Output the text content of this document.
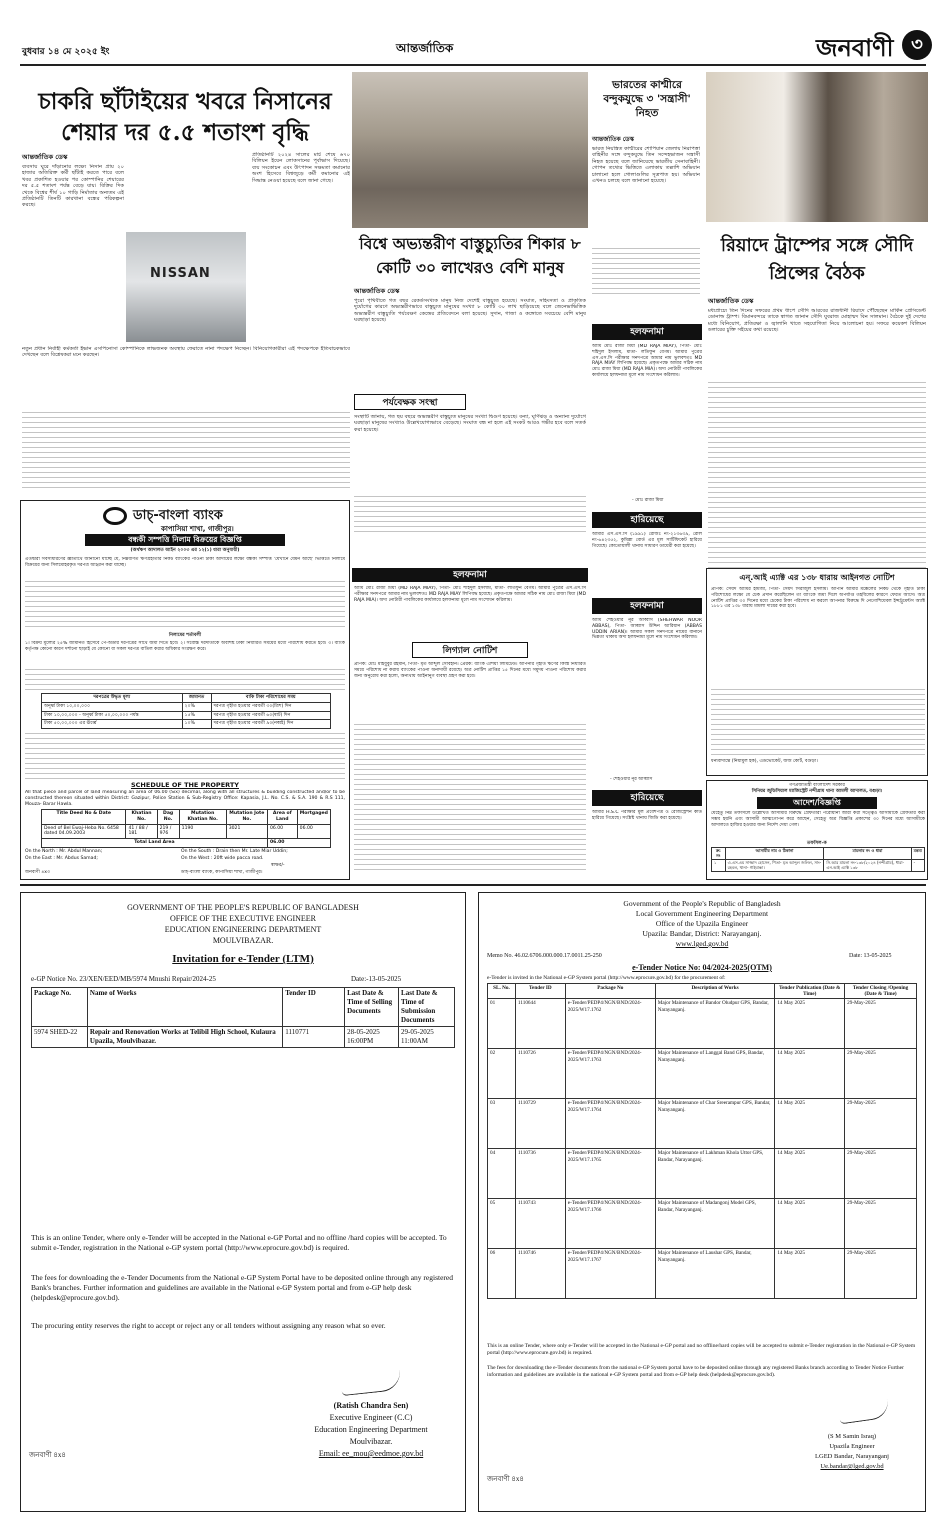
বুধবার ১৪ মে ২০২৫ ইং	আন্তর্জাতিক	জনবাণী ৩
চাকরি ছাঁটাইয়ের খবরে নিসানের শেয়ার দর ৫.৫ শতাংশ বৃদ্ধি
আন্তর্জাতিক ডেস্ক
ব্যবসায় ঘুরে দাঁড়ানোর লক্ষ্যে নিসান প্রায় ২০ হাজার অতিরিক্ত কর্মী ছাঁটাই করতে পারে বলে খবর প্রকাশিত হওয়ার পর কোম্পানির শেয়ারের দর ৫.৫ শতাংশ পর্যন্ত বেড়ে যায়। বিক্রির দিক থেকে বিশ্বের শীর্ষ ১০ গাড়ি নির্মাতার অন্যতম এই প্রতিষ্ঠানটি তিনটি কারখানা বন্ধের পরিকল্পনা করছে।
NISSAN
প্রতিষ্ঠানটি ২০২৪ সালের মার্চ শেষে ৬৭০ বিলিয়ন ইয়েন লোকসানের পূর্বাভাস দিয়েছে। ব্যয় সংকোচন এবং উৎপাদন সক্ষমতা কমানোর অংশ হিসেবে বিশ্বজুড়ে কর্মী কমানোর এই সিদ্ধান্ত নেওয়া হয়েছে বলে জানা গেছে।
নতুন প্রধান নির্বাহী কর্মকর্তা ইভান এসপিনোসা কোম্পানিকে লাভজনক অবস্থায় ফেরাতে নানা পদক্ষেপ নিচ্ছেন। বিনিয়োগকারীরা এই পদক্ষেপকে ইতিবাচকভাবে দেখছেন বলে বিশ্লেষকরা মনে করছেন।
বিশ্বে অভ্যন্তরীণ বাস্তুচ্যুতির শিকার ৮ কোটি ৩০ লাখেরও বেশি মানুষ
আন্তর্জাতিক ডেস্ক
পুরো পৃথিবীতে গত বছর রেকর্ডসংখ্যক মানুষ নিজ দেশেই বাস্তুচ্যুত হয়েছে। সংঘাত, সহিংসতা ও প্রাকৃতিক দুর্যোগের কারণে অভ্যন্তরীণভাবে বাস্তুচ্যুত মানুষের সংখ্যা ৮ কোটি ৩০ লাখ ছাড়িয়েছে বলে জেনেভাভিত্তিক অভ্যন্তরীণ বাস্তুচ্যুতি পর্যবেক্ষণ কেন্দ্রের প্রতিবেদনে বলা হয়েছে। সুদান, গাজা ও কঙ্গোতে সবচেয়ে বেশি মানুষ ঘরছাড়া হয়েছে।
পর্যবেক্ষক সংস্থা
সংস্থাটি জানায়, গত ছয় বছরে অভ্যন্তরীণ বাস্তুচ্যুত মানুষের সংখ্যা দ্বিগুণ হয়েছে। বন্যা, ঘূর্ণিঝড় ও অন্যান্য দুর্যোগে ঘরছাড়া মানুষের সংখ্যাও উল্লেখযোগ্যভাবে বেড়েছে। সংঘাত বন্ধ না হলে এই সংকট আরও গভীর হবে বলে সতর্ক করা হয়েছে।
ভারতের কাশ্মীরে বন্দুকযুদ্ধে ৩ 'সন্ত্রাসী' নিহত
আন্তর্জাতিক ডেস্ক
ভারত নিয়ন্ত্রিত কাশ্মীরের শোপিয়ান জেলায় নিরাপত্তা বাহিনীর সঙ্গে বন্দুকযুদ্ধে তিন সন্দেহভাজন সন্ত্রাসী নিহত হয়েছে বলে জানিয়েছে ভারতীয় সেনাবাহিনী। গোপন তথ্যের ভিত্তিতে এলাকায় তল্লাশি অভিযান চালানো হলে গোলাগুলির সূত্রপাত হয়। অভিযান এখনও চলছে বলে জানানো হয়েছে।
রিয়াদে ট্রাম্পের সঙ্গে সৌদি প্রিন্সের বৈঠক
আন্তর্জাতিক ডেস্ক
মধ্যপ্রাচ্যে তিন দিনের সফরের প্রথম ধাপে সৌদি আরবের রাজধানী রিয়াদে পৌঁছেছেন মার্কিন প্রেসিডেন্ট ডোনাল্ড ট্রাম্প। বিমানবন্দরে তাকে স্বাগত জানান সৌদি যুবরাজ মোহাম্মদ বিন সালমান। বৈঠকে দুই দেশের মধ্যে বিনিয়োগ, প্রতিরক্ষা ও জ্বালানি খাতে সহযোগিতা নিয়ে আলোচনা হয়। সফরে কয়েকশ বিলিয়ন ডলারের চুক্তি সইয়ের কথা রয়েছে।
হলফনামা
আমি মোঃ রাজা মিয়া (MD RAJA MIAY), পিতা- মোঃ শহিদুল ইসলাম, মাতা- লতিফুন বেগম। আমার পুত্রের এস.এস.সি পরীক্ষার সনদপত্রে আমার নাম ভুলবশতঃ MD RAJA MIAY লিপিবদ্ধ হয়েছে। প্রকৃতপক্ষে আমার সঠিক নাম মোঃ রাজা মিয়া (MD RAJA MIA)। অদ্য নোটারী পাবলিকের কার্যালয়ে হলফনামা মূলে নাম সংশোধন করিলাম।
- মোঃ রাজা মিয়া
হারিয়েছে
আমার এস.এস.সি (১৯৯১) রেজিঃ নং-২১৩৬৩৯, রোল নং-৬৪২৩৫২, কুমিল্লা বোর্ড এর মূল সার্টিফিকেট হারিয়ে গিয়েছে। কোতোয়ালী থানায় সাধারণ ডায়েরী করা হয়েছে।
হলফনামা
আমি শেহওয়ার নূর আব্বাস (SHEHWAR NOOR ABBAS), পিতা- আব্বাস উদ্দিন আরিয়ান (ABBAS UDDIN ARIAN)। আমার সকল সনদপত্রে নামের বানানে ভিন্নতা থাকায় অদ্য হলফনামা মূলে নাম সংশোধন করিলাম।
- শেহওয়ার নূর আব্বাস
হারিয়েছে
আমার H.S.C পরীক্ষার মূল প্রবেশপত্র ও রেজিস্ট্রেশন কার্ড হারিয়ে গিয়েছে। সংশ্লিষ্ট থানায় জিডি করা হয়েছে।
ডাচ্-বাংলা ব্যাংক
কাপাসিয়া শাখা, গাজীপুর।
বন্ধকী সম্পত্তি নিলাম বিক্রয়ের বিজ্ঞপ্তি
(অর্থঋণ আদালত আইন ২০০৩ এর ১২(১) ধারা অনুযায়ী)
এতদ্বারা সর্বসাধারণের জ্ঞাতার্থে জানানো যাচ্ছে যে, নিম্নবর্ণিত ঋণগ্রহীতার নিকট ব্যাংকের পাওনা টাকা আদায়ের লক্ষ্যে বন্ধকী সম্পত্তি 'যেখানে যেমন আছে' ভিত্তিতে নিলামে বিক্রয়ের জন্য সিলমোহরকৃত দরপত্র আহ্বান করা যাচ্ছে।
নিলামের শর্তাবলী
১। বিক্রয় মূল্যের ২৫% জামানত হিসেবে পে-অর্ডার দরপত্রের সাথে জমা দিতে হবে। ২। সর্বোচ্চ দরদাতাকে অবশিষ্ট টাকা নির্ধারিত সময়ের মধ্যে পরিশোধ করতে হবে। ৩। ব্যাংক কর্তৃপক্ষ কোনো কারণ দর্শানো ছাড়াই যে কোনো বা সকল দরপত্র বাতিল করার অধিকার সংরক্ষণ করে।
দরপত্রের উদ্ধৃত মূল্য	জামানত	বাকি টাকা পরিশোধের সময়
অনূর্ধ্ব টাকা ১০,০০,০০০	২০%	দরপত্র গৃহীত হওয়ার পরবর্তী ৩০(ত্রিশ) দিন
টাকা ১০,০০,০০০ - অনূর্ধ্ব টাকা ৫০,০০,০০০ পর্যন্ত	১৫%	দরপত্র গৃহীত হওয়ার পরবর্তী ৬০(ষাট) দিন
টাকা ৫০,০০,০০০ এর ঊর্ধ্বে	১০%	দরপত্র গৃহীত হওয়ার পরবর্তী ৯০(নব্বই) দিন
SCHEDULE OF THE PROPERTY
All that piece and parcel of land measuring an area of 06.00 (Six) decimal, along with all structures & building constructed and/or to be constructed thereon situated within District: Gazipur, Police Station & Sub-Registry Office: Kapasia, J.L. No. C.S. & S.A. 190 & R.S 111, Mouza- Barar Hawla.
Title Deed No & Date	Khatian No.	Dag No.	Mutation Khatian No.	Mutation Jote No.	Area of Land	Mortgaged
Deed of Bel Ewaj-Heba No. 6458 dated 04.09.2003	41 / 88 / 181	219 / 976	1190	3021	06.00	06.00
Total Land Area					06.00	
On the North : Mr. Abdul Mannan;	On the South : Drain then Mr. Late Miar Uddin;
On the East : Mr. Abdus Samad;	On the West : 20ft wide pacca road.
স্বাক্ষর/-
ডাচ্-বাংলা ব্যাংক, কাপাসিয়া শাখা, গাজীপুর।
জনবাণী ৪x৩
হলফনামা
আমি মোঃ রাজা মিয়া (MD RAJA MIAY), পিতা- মোঃ শহিদুল ইসলাম, মাতা- লতিফুন বেগম। আমার পুত্রের এস.এস.সি পরীক্ষার সনদপত্রে আমার নাম ভুলবশতঃ MD RAJA MIAY লিপিবদ্ধ হয়েছে। প্রকৃতপক্ষে আমার সঠিক নাম মোঃ রাজা মিয়া (MD RAJA MIA)। অদ্য নোটারী পাবলিকের কার্যালয়ে হলফনামা মূলে নাম সংশোধন করিলাম।
লিগ্যাল নোটিশ
প্রাপক: মোঃ মাহবুবুর রহমান, পিতা- মৃত আব্দুল সোবহান। প্রেরক: ব্যাংক এশিয়া লিমিটেড। আপনার গৃহীত ঋণের কিস্তি নির্ধারিত সময়ে পরিশোধ না করায় ব্যাংকের পাওনা অনাদায়ী রয়েছে। অত্র নোটিশ প্রাপ্তির ১৫ দিনের মধ্যে সমুদয় পাওনা পরিশোধ করার জন্য অনুরোধ করা হলো, অন্যথায় আইনানুগ ব্যবস্থা গ্রহণ করা হবে।
এন্.আই এ্যাক্ট এর ১৩৮ ধারায় আইনগত নোটিশ
প্রাপক: সৈয়দ আমির হামজা, পিতা- সৈয়দ সিরাজুল ইসলাম। আপনি আমার মক্কেলের নিকট থেকে গৃহীত টাকা পরিশোধের লক্ষ্যে যে চেক প্রদান করেছিলেন তা ব্যাংকে জমা দিলে অপর্যাপ্ত তহবিলের কারণে ফেরত আসে। অত্র নোটিশ প্রাপ্তির ৩০ দিনের মধ্যে চেকের টাকা পরিশোধ না করলে আপনার বিরুদ্ধে দি নেগোশিয়েবল ইন্সট্রুমেন্টস অ্যাক্ট ১৮৮১ এর ১৩৮ ধারায় মামলা দায়ের করা হবে।
ধন্যবাদান্তে (নিয়ামুল হক), এডভোকেট, জজ কোর্ট, বগুড়া।
গণপ্রজাতন্ত্রী বাংলাদেশ সরকার
সিনিয়র জুডিসিয়াল ম্যাজিস্ট্রেট নন্দীগ্রাম থানা আমলী আদালত, বগুড়া।
আদেশ/বিজ্ঞপ্তি
যেহেতু নিম্ন তফসিলে উল্লেখিত আসামীর বিরুদ্ধে গ্রেফতারী পরোয়ানা জারী করা সত্ত্বেও আসামীকে গ্রেফতার করা সম্ভব হয়নি এবং আসামী আত্মগোপন করে আছেন, সেহেতু অত্র বিজ্ঞপ্তি প্রকাশের ৩০ দিনের মধ্যে আসামীকে আদালতে হাজির হওয়ার জন্য নির্দেশ দেয়া গেল।
তফসিল-ক
ক্র: নং	আসামীর নাম ও ঠিকানা	মামলার নং ও ধারা	মন্তব্য
১	এ.এস.এম সাজ্জাদ হোসেন, পিতা- মৃত আব্দুল জলিল, সাং- রহবল, থানা- গাইবান্ধা।	সি.আর মামলা নং-১৩৮/২০২৪ (নন্দীগ্রাম), ধারা- এন.আই এ্যাক্ট ১৩৮	-
GOVERNMENT OF THE PEOPLE'S REPUBLIC OF BANGLADESH
OFFICE OF THE EXECUTIVE ENGINEER
EDUCATION ENGINEERING DEPARTMENT
MOULVIBAZAR.
Invitation for e-Tender (LTM)
e-GP Notice No. 23/XEN/EED/MB/5974 Mnushi Repair/2024-25	Date:-13-05-2025
Package No.	Name of Works	Tender ID	Last Date & Time of Selling Documents	Last Date & Time of Submission Documents
5974 SHED-22	Repair and Renovation Works at Telibil High School, Kulaura Upazila, Moulvibazar.	1110771	28-05-2025 16:00PM	29-05-2025 11:00AM
This is an online Tender, where only e-Tender will be accepted in the National e-GP Portal and no offline /hard copies will be accepted. To submit e-Tender, registration in the National e-GP system portal (http://www.eprocure.gov.bd) is required.
The fees for downloading the e-Tender Documents from the National e-GP System Portal have to be deposited online through any registered Bank's branches. Further information and guidelines are available in the National e-GP System portal and from e-GP help desk (helpdesk@eprocure.gov.bd).
The procuring entity reserves the right to accept or reject any or all tenders without assigning any reason what so ever.
(Ratish Chandra Sen)
Executive Engineer (C.C)
Education Engineering Department
Moulvibazar.
Email: ee_mou@eedmoe.gov.bd
জনবাণী ৪x৪
Government of the People's Republic of Bangladesh
Local Government Engineering Department
Office of the Upazila Engineer
Upazila: Bandar, District: Narayanganj.
www.lged.gov.bd
Memo No. 46.02.6706.000.000.17.0011.25-250	Date: 13-05-2025
e-Tender Notice No: 04/2024-2025(OTM)
e-Tender is invited in the National e-GP System portal (http://www.eprocure.gov.bd) for the procurement of:
SL. No.	Tender ID	Package No	Description of Works	Tender Publication (Date & Time)	Tender Closing /Opening (Date & Time)
01	1110644	e-Tender/PEDP4/NGN/BND/2024-2025/W17.1762	Major Maintenance of Bandor Oludpur GPS, Bandar, Narayanganj.	14 May 2025	29-May-2025
02	1110726	e-Tender/PEDP4/NGN/BND/2024-2025/W17.1763	Major Maintenance of Langgal Band GPS, Bandar, Narayanganj.	14 May 2025	29-May-2025
03	1110729	e-Tender/PEDP4/NGN/BND/2024-2025/W17.1764	Major Maintenance of Char Sreerampur GPS, Bandar, Narayanganj.	14 May 2025	29-May-2025
04	1110736	e-Tender/PEDP4/NGN/BND/2024-2025/W17.1765	Major Maintenance of Lakhman Khola Uttor GPS, Bandar, Narayanganj.	14 May 2025	29-May-2025
05	1110743	e-Tender/PEDP4/NGN/BND/2024-2025/W17.1766	Major Maintenance of Madangonj Model GPS, Bandar, Narayanganj.	14 May 2025	29-May-2025
06	1110746	e-Tender/PEDP4/NGN/BND/2024-2025/W17.1767	Major Maintenance of Laushar GPS, Bandar, Narayanganj.	14 May 2025	29-May-2025
This is an online Tender, where only e-Tender will be accepted in the National e-GP portal and no offline/hard copies will be accepted to submit e-Tender registration in the National e-GP System portal (http://www.eprocure.gov.bd) is required.
The fees for downloading the e-Tender documents from the national e-GP System portal have to be deposited online through any registered Banks branch according to Tender Notice Further information and guidelines are available in the national e-GP System portal and from e-GP help desk (helpdesk@eprocure.gov.bd).
(S M Samin Israq)
Upazila Engineer
LGED Bandar, Narayanganj
Ue.bandar@lged.gov.bd
জনবাণী ৪x৪
